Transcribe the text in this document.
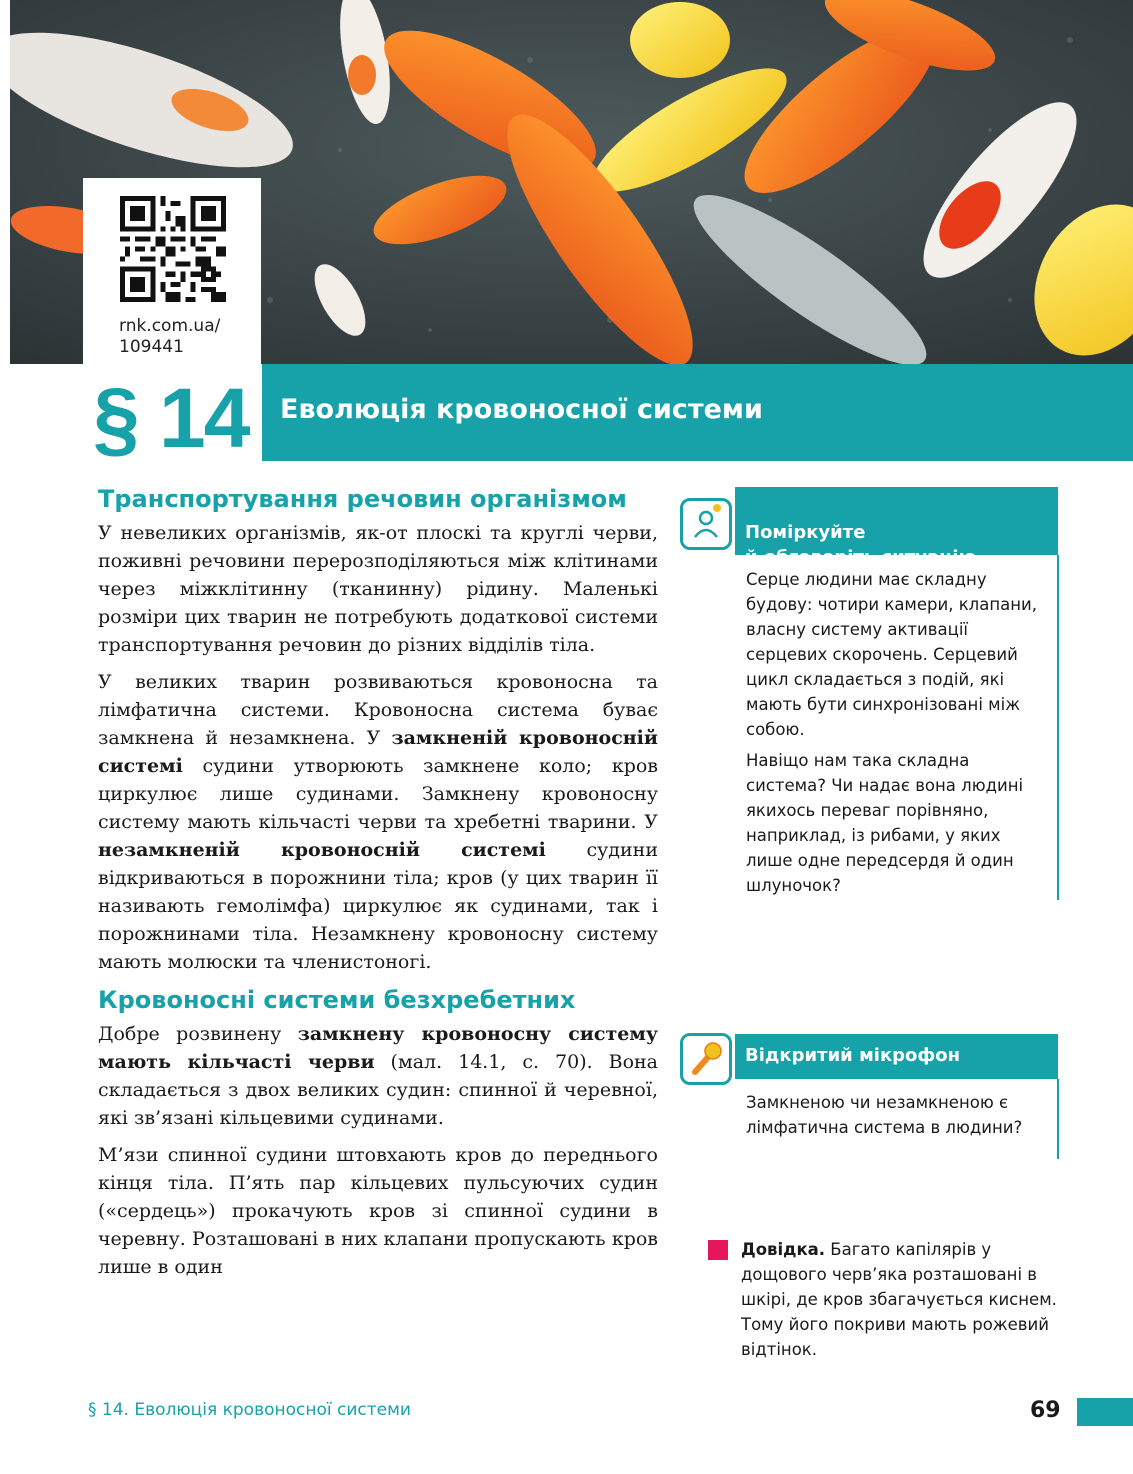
rnk.com.ua/
109441
§ 14 Еволюція кровоносної системи
Транспортування речовин організмом

У невеликих організмів, як-от плоскі та круглі черви, поживні речовини перерозподіляються між клітинами через міжклітинну (тканинну) рідину. Маленькі розміри цих тварин не потребують додаткової системи транспортування речовин до різних відділів тіла.

У великих тварин розвиваються кровоносна та лімфатична системи. Кровоносна система буває замкнена й незамкнена. У замкненій кровоносній системі судини утворюють замкнене коло; кров циркулює лише судинами. Замкнену кровоносну систему мають кільчасті черви та хребетні тварини. У незамкненій кровоносній системі судини відкриваються в порожнини тіла; кров (у цих тварин її називають гемолімфа) циркулює як судинами, так і порожнинами тіла. Незамкнену кровоносну систему мають молюски та членистоногі.

Кровоносні системи безхребетних

Добре розвинену замкнену кровоносну систему мають кільчасті черви (мал. 14.1, с. 70). Вона складається з двох великих судин: спинної й черевної, які зв’язані кільцевими судинами.

М’язи спинної судини штовхають кров до переднього кінця тіла. П’ять пар кільцевих пульсуючих судин («сердець») прокачують кров зі спинної судини в черевну. Розташовані в них клапани пропускають кров лише в один

Поміркуйте
й обговоріть ситуацію

Серце людини має складну будову: чотири камери, клапани, власну систему активації серцевих скорочень. Серцевий цикл складається з подій, які мають бути синхронізовані між собою.
Навіщо нам така складна система? Чи надає вона людині якихось переваг порівняно, наприклад, із рибами, у яких лише одне передсердя й один шлуночок?
Відкритий мікрофон
Замкненою чи незамкненою є лімфатична система в людини?
Довідка. Багато капілярів у дощового черв’яка розташовані в шкірі, де кров збагачується киснем. Тому його покриви мають рожевий відтінок.
§ 14. Еволюція кровоносної системи	69
